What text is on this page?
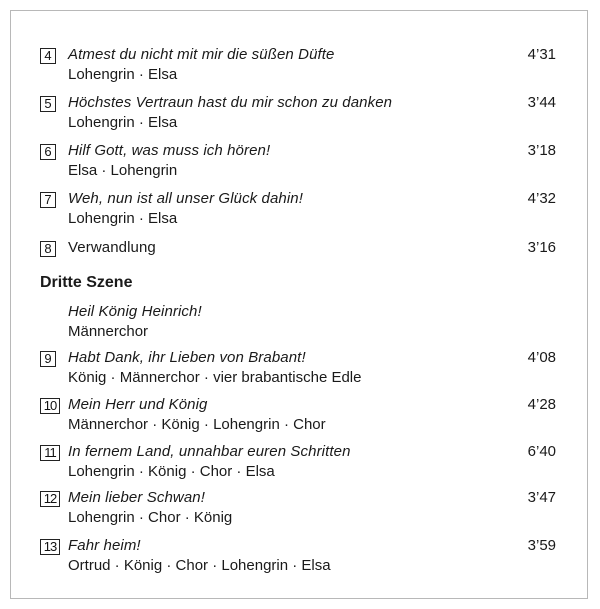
4 Atmest du nicht mit mir die süßen Düfte
Lohengrin · Elsa
4’31
5 Höchstes Vertraun hast du mir schon zu danken
Lohengrin · Elsa
3’44
6 Hilf Gott, was muss ich hören!
Elsa · Lohengrin
3’18
7 Weh, nun ist all unser Glück dahin!
Lohengrin · Elsa
4’32
8 Verwandlung	3’16
Dritte Szene
Heil König Heinrich!
Männerchor
9 Habt Dank, ihr Lieben von Brabant!
König · Männerchor · vier brabantische Edle
4’08
10 Mein Herr und König
Männerchor · König · Lohengrin · Chor
4’28
11 In fernem Land, unnahbar euren Schritten
Lohengrin · König · Chor · Elsa
6’40
12 Mein lieber Schwan!
Lohengrin · Chor · König
3’47
13 Fahr heim!
Ortrud · König · Chor · Lohengrin · Elsa
3’59
